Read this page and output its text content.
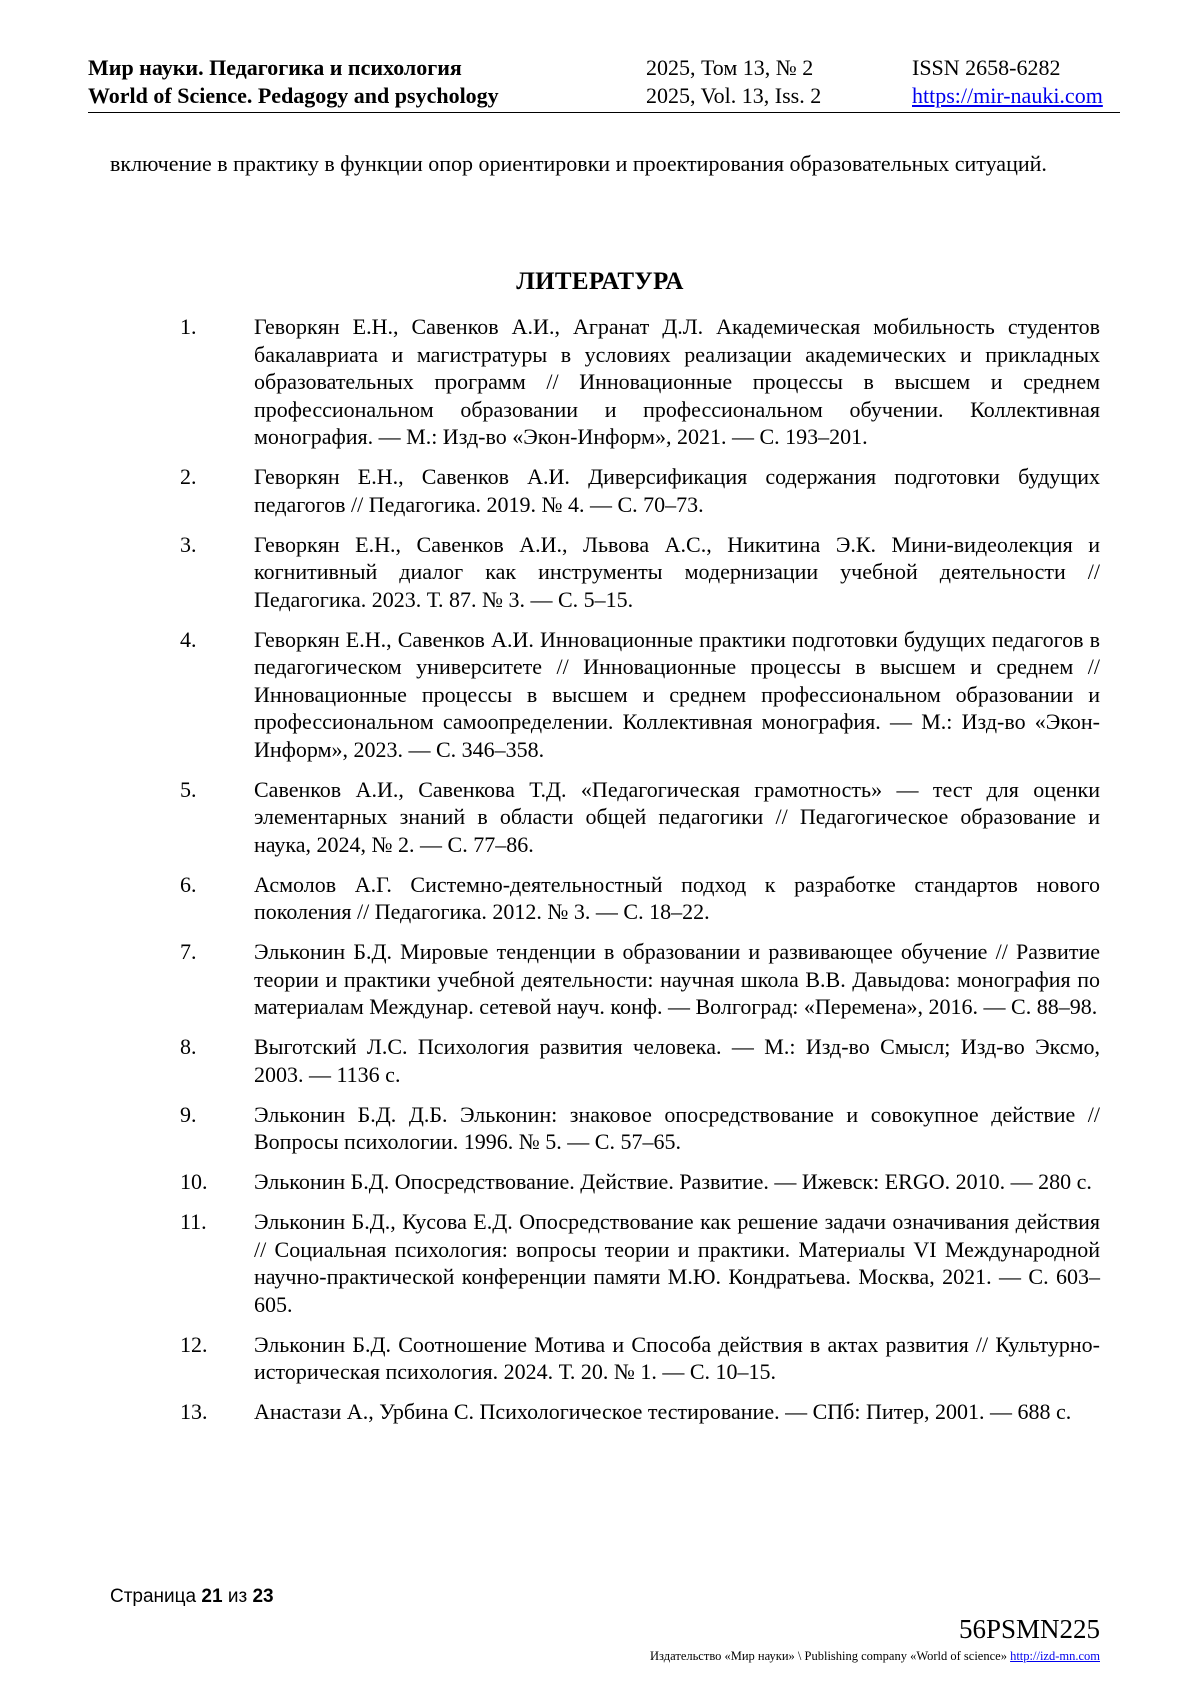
Мир науки. Педагогика и психология
World of Science. Pedagogy and psychology
2025, Том 13, № 2
2025, Vol. 13, Iss. 2
ISSN 2658-6282
https://mir-nauki.com
включение в практику в функции опор ориентировки и проектирования образовательных ситуаций.
ЛИТЕРАТУРА
1.	Геворкян Е.Н., Савенков А.И., Агранат Д.Л. Академическая мобильность студентов бакалавриата и магистратуры в условиях реализации академических и прикладных образовательных программ // Инновационные процессы в высшем и среднем профессиональном образовании и профессиональном обучении. Коллективная монография. — М.: Изд-во «Экон-Информ», 2021. — С. 193–201.
2.	Геворкян Е.Н., Савенков А.И. Диверсификация содержания подготовки будущих педагогов // Педагогика. 2019. № 4. — С. 70–73.
3.	Геворкян Е.Н., Савенков А.И., Львова А.С., Никитина Э.К. Мини-видеолекция и когнитивный диалог как инструменты модернизации учебной деятельности // Педагогика. 2023. Т. 87. № 3. — С. 5–15.
4.	Геворкян Е.Н., Савенков А.И. Инновационные практики подготовки будущих педагогов в педагогическом университете // Инновационные процессы в высшем и среднем // Инновационные процессы в высшем и среднем профессиональном образовании и профессиональном самоопределении. Коллективная монография. — М.: Изд-во «Экон-Информ», 2023. — С. 346–358.
5.	Савенков А.И., Савенкова Т.Д. «Педагогическая грамотность» — тест для оценки элементарных знаний в области общей педагогики // Педагогическое образование и наука, 2024, № 2. — С. 77–86.
6.	Асмолов А.Г. Системно-деятельностный подход к разработке стандартов нового поколения // Педагогика. 2012. № 3. — С. 18–22.
7.	Эльконин Б.Д. Мировые тенденции в образовании и развивающее обучение // Развитие теории и практики учебной деятельности: научная школа В.В. Давыдова: монография по материалам Междунар. сетевой науч. конф. — Волгоград: «Перемена», 2016. — С. 88–98.
8.	Выготский Л.С. Психология развития человека. — М.: Изд-во Смысл; Изд-во Эксмо, 2003. — 1136 с.
9.	Эльконин Б.Д. Д.Б. Эльконин: знаковое опосредствование и совокупное действие // Вопросы психологии. 1996. № 5. — С. 57–65.
10. Эльконин Б.Д. Опосредствование. Действие. Развитие. — Ижевск: ERGO. 2010. — 280 с.
11. Эльконин Б.Д., Кусова Е.Д. Опосредствование как решение задачи означивания действия // Социальная психология: вопросы теории и практики. Материалы VI Международной научно-практической конференции памяти М.Ю. Кондратьева. Москва, 2021. — С. 603–605.
12. Эльконин Б.Д. Соотношение Мотива и Способа действия в актах развития // Культурно-историческая психология. 2024. Т. 20. № 1. — С. 10–15.
13. Анастази А., Урбина С. Психологическое тестирование. — СПб: Питер, 2001. — 688 с.
Страница 21 из 23
56PSMN225
Издательство «Мир науки» \ Publishing company «World of science» http://izd-mn.com
